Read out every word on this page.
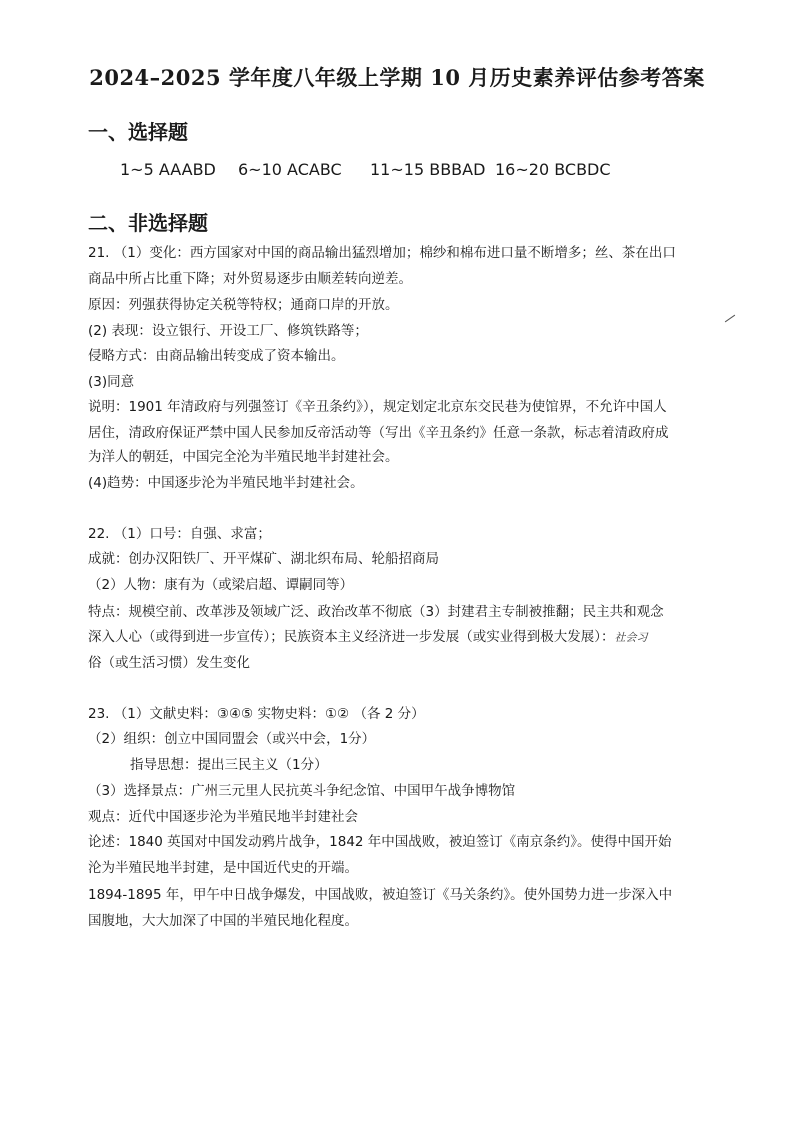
2024–2025 学年度八年级上学期 10 月历史素养评估参考答案
一、选择题
1~5 AAABD 6~10 ACABC 11~15 BBBAD 16~20 BCBDC
二、非选择题
21. （1）变化：西方国家对中国的商品输出猛烈增加；棉纱和棉布进口量不断增多；丝、茶在出口
商品中所占比重下降；对外贸易逐步由顺差转向逆差。
原因：列强获得协定关税等特权；通商口岸的开放。
(2) 表现：设立银行、开设工厂、修筑铁路等；
侵略方式：由商品输出转变成了资本输出。
(3)同意
说明：1901 年清政府与列强签订《辛丑条约》），规定划定北京东交民巷为使馆界，不允许中国人
居住，清政府保证严禁中国人民参加反帝活动等（写出《辛丑条约》任意一条款，标志着清政府成
为洋人的朝廷，中国完全沦为半殖民地半封建社会。
(4)趋势：中国逐步沦为半殖民地半封建社会。
22. （1）口号：自强、求富；
成就：创办汉阳铁厂、开平煤矿、湖北织布局、轮船招商局
（2）人物：康有为（或梁启超、谭嗣同等）
特点：规模空前、改革涉及领域广泛、政治改革不彻底（3）封建君主专制被推翻；民主共和观念
深入人心（或得到进一步宣传）；民族资本主义经济进一步发展（或实业得到极大发展）：社会习
俗（或生活习惯）发生变化
23. （1）文献史料：③④⑤ 实物史料：①② （各 2 分）
（2）组织：创立中国同盟会（或兴中会，1分）
指导思想：提出三民主义（1分）
（3）选择景点：广州三元里人民抗英斗争纪念馆、中国甲午战争博物馆
观点：近代中国逐步沦为半殖民地半封建社会
论述：1840 英国对中国发动鸦片战争，1842 年中国战败，被迫签订《南京条约》。使得中国开始
沦为半殖民地半封建，是中国近代史的开端。
1894-1895 年，甲午中日战争爆发，中国战败，被迫签订《马关条约》。使外国势力进一步深入中
国腹地，大大加深了中国的半殖民地化程度。
